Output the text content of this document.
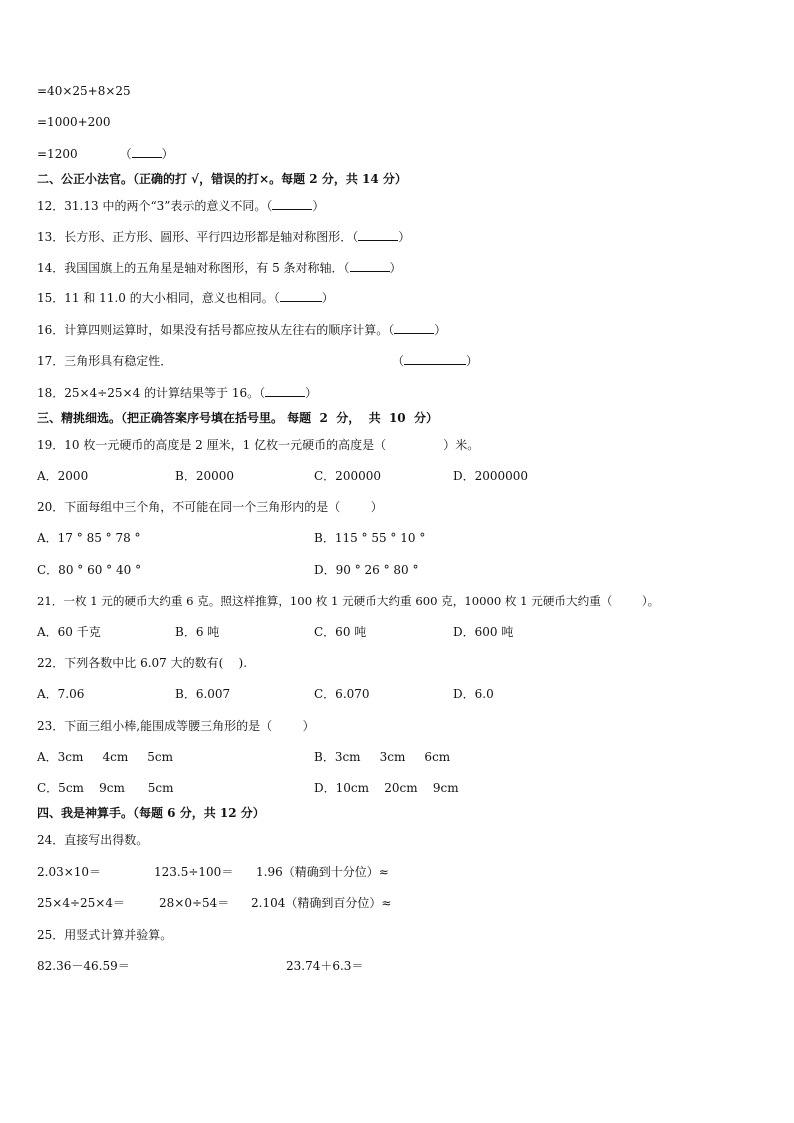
=40×25+8×25
=1000+200
=1200	（	）
二、公正小法官。（正确的打 √，错误的打×。每题 2 分，共 14 分）
12．31.13 中的两个“3”表示的意义不同。（	）
13．长方形、正方形、圆形、平行四边形都是轴对称图形．（	）
14．我国国旗上的五角星是轴对称图形，有 5 条对称轴．（	）
15．11 和 11.0 的大小相同，意义也相同。（	）
16．计算四则运算时，如果没有括号都应按从左往右的顺序计算。（	）
17．三角形具有稳定性．	（	）
18．25×4÷25×4 的计算结果等于 16。（	）
三、精挑细选。（把正确答案序号填在括号里。 每题  2  分，  共  10  分）
19．10 枚一元硬币的高度是 2 厘米，1 亿枚一元硬币的高度是（               ）米。
A．2000	B．20000	C．200000	D．2000000
20．下面每组中三个角，不可能在同一个三角形内的是（        ）
A．17 ° 85 ° 78 °	B．115 ° 55 ° 10 °
C．80 ° 60 ° 40 °	D．90 ° 26 ° 80 °
21．一枚 1 元的硬币大约重 6 克。照这样推算，100 枚 1 元硬币大约重 600 克，10000 枚 1 元硬币大约重（        ）。
A．60 千克	B．6 吨	C．60 吨	D．600 吨
22．下列各数中比 6.07 大的数有(    ).
A．7.06	B．6.007	C．6.070	D．6.0
23．下面三组小棒,能围成等腰三角形的是（        ）
A．3cm     4cm     5cm	B．3cm     3cm     6cm
C．5cm    9cm      5cm	D．10cm    20cm    9cm
四、我是神算手。（每题 6 分，共 12 分）
24．直接写出得数。
2.03×10＝	123.5÷100＝ 1.96（精确到十分位）≈
25×4÷25×4＝	28×0÷54＝ 2.104（精确到百分位）≈
25．用竖式计算并验算。
82.36－46.59＝	23.74＋6.3＝
